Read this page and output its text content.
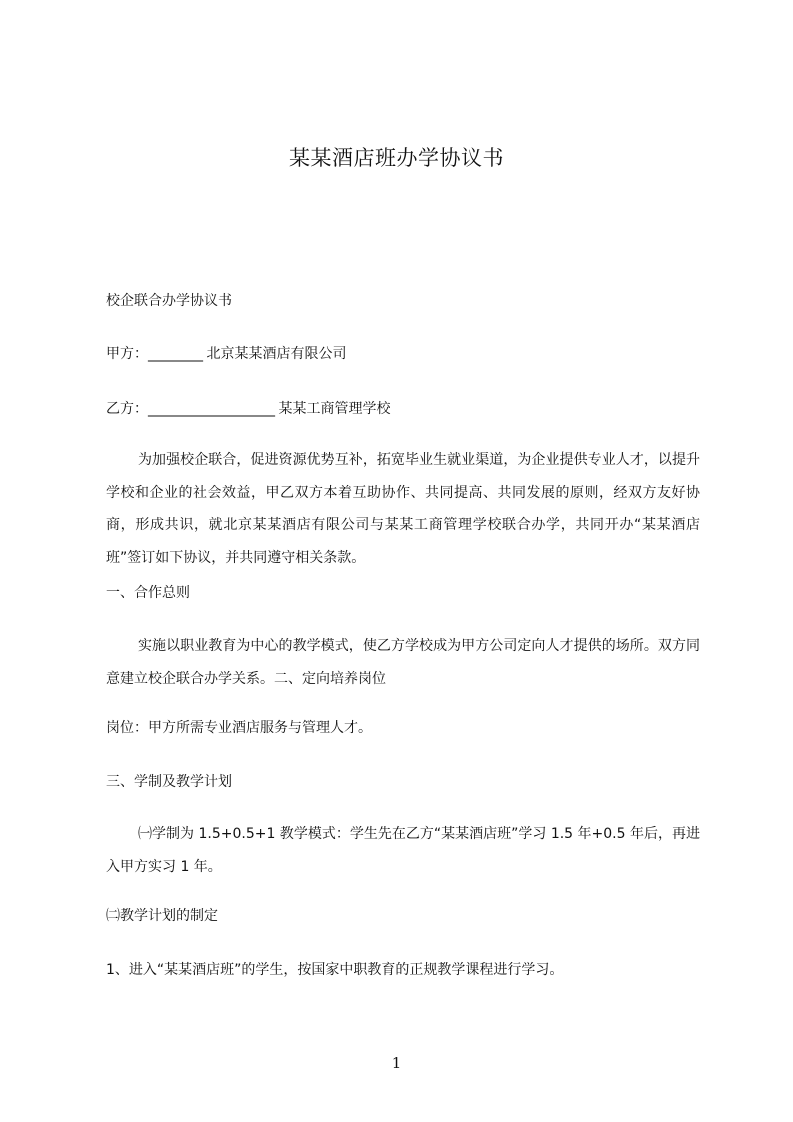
某某酒店班办学协议书
校企联合办学协议书
甲方：_________ 北京某某酒店有限公司
乙方：_____________________ 某某工商管理学校
为加强校企联合，促进资源优势互补，拓宽毕业生就业渠道，为企业提供专业人才，以提升学校和企业的社会效益，甲乙双方本着互助协作、共同提高、共同发展的原则，经双方友好协商，形成共识，就北京某某酒店有限公司与某某工商管理学校联合办学，共同开办“某某酒店班”签订如下协议，并共同遵守相关条款。
一、合作总则
实施以职业教育为中心的教学模式，使乙方学校成为甲方公司定向人才提供的场所。双方同意建立校企联合办学关系。二、定向培养岗位
岗位：甲方所需专业酒店服务与管理人才。
三、学制及教学计划
㈠学制为 1.5+0.5+1 教学模式：学生先在乙方“某某酒店班”学习 1.5 年+0.5 年后，再进入甲方实习 1 年。
㈡教学计划的制定
1、进入“某某酒店班”的学生，按国家中职教育的正规教学课程进行学习。
1
